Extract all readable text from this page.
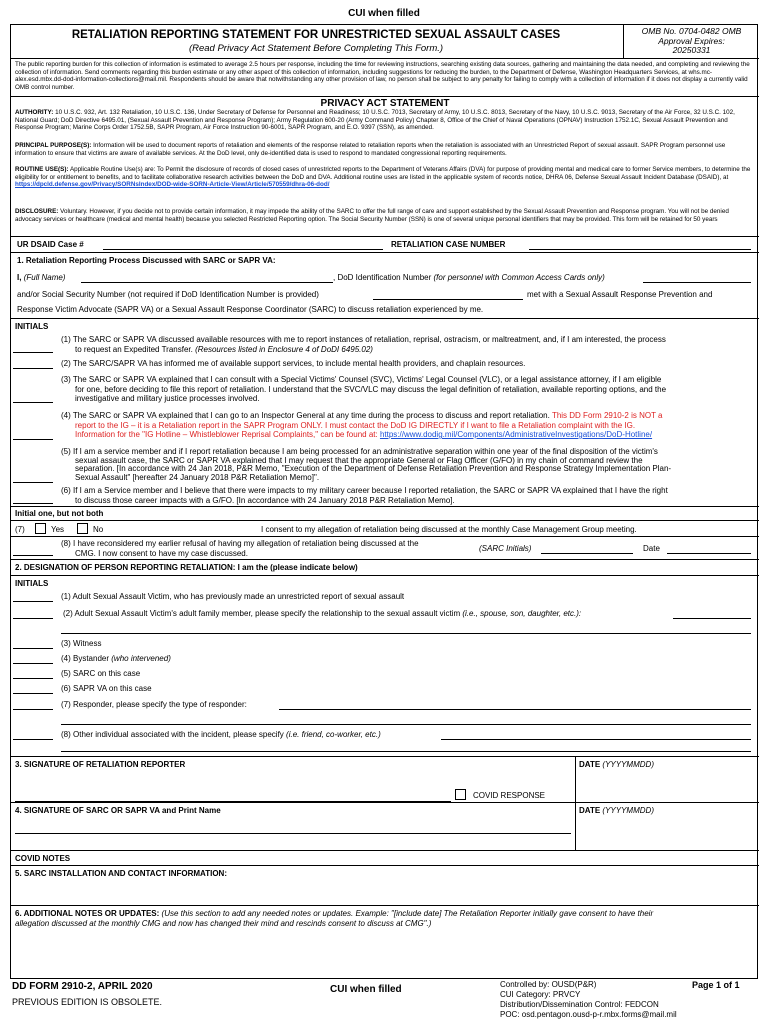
CUI when filled
RETALIATION REPORTING STATEMENT FOR UNRESTRICTED SEXUAL ASSAULT CASES
(Read Privacy Act Statement Before Completing This Form.)
OMB No. 0704-0482 OMB
Approval Expires:
20250331
The public reporting burden for this collection of information is estimated to average 2.5 hours per response, including the time for reviewing instructions, searching existing data sources, gathering and maintaining the data needed, and completing and reviewing the collection of information. Send comments regarding this burden estimate or any other aspect of this collection of information, including suggestions for reducing the burden, to the Department of Defense, Washington Headquarters Services, at whs.mc-alex.esd.mbx.dd-dod-information-collections@mail.mil. Respondents should be aware that notwithstanding any other provision of law, no person shall be subject to any penalty for failing to comply with a collection of information if it does not display a currently valid OMB control number.
PRIVACY ACT STATEMENT
AUTHORITY: 10 U.S.C. 932, Art. 132 Retaliation, 10 U.S.C. 136, Under Secretary of Defense for Personnel and Readiness; 10 U.S.C. 7013, Secretary of Army, 10 U.S.C. 8013, Secretary of the Navy, 10 U.S.C. 9013, Secretary of the Air Force, 32 U.S.C. 102, National Guard; DoD Directive 6495.01, (Sexual Assault Prevention and Response Program); Army Regulation 600-20 (Army Command Policy) Chapter 8, Office of the Chief of Naval Operations (OPNAV) Instruction 1752.1C, Sexual Assault Prevention and Response Program; Marine Corps Order 1752.5B, SAPR Program, Air Force Instruction 90-6001, SAPR Program, and E.O. 9397 (SSN), as amended.
PRINCIPAL PURPOSE(S): Information will be used to document reports of retaliation and elements of the response related to retaliation reports when the retaliation is associated with an Unrestricted Report of sexual assault. SAPR Program personnel use information to ensure that victims are aware of available services. At the DoD level, only de-identified data is used to respond to mandated congressional reporting requirements.
ROUTINE USE(S): Applicable Routine Use(s) are: To Permit the disclosure of records of closed cases of unrestricted reports to the Department of Veterans Affairs (DVA) for purpose of providing mental and medical care to former Service members, to determine the eligibility for or entitlement to benefits, and to facilitate collaborative research activities between the DoD and DVA. Additional routine uses are listed in the applicable system of records notice, DHRA 06, Defense Sexual Assault Incident Database (DSAID), at https://dpcld.defense.gov/Privacy/SORNsIndex/DOD-wide-SORN-Article-View/Article/570559/dhra-06-dod/
DISCLOSURE: Voluntary. However, if you decide not to provide certain information, it may impede the ability of the SARC to offer the full range of care and support established by the Sexual Assault Prevention and Response program. You will not be denied advocacy services or healthcare (medical and mental health) because you selected Restricted Reporting option. The Social Security Number (SSN) is one of several unique personal identifiers that may be provided. This form will be retained for 50 years
UR DSAID Case #	RETALIATION CASE NUMBER
1. Retaliation Reporting Process Discussed with SARC or SAPR VA:
I, (Full Name)	, DoD Identification Number (for personnel with Common Access Cards only)
and/or Social Security Number (not required if DoD Identification Number is provided)	met with a Sexual Assault Response Prevention and
Response Victim Advocate (SAPR VA) or a Sexual Assault Response Coordinator (SARC) to discuss retaliation experienced by me.
INITIALS
(1) The SARC or SAPR VA discussed available resources with me to report instances of retaliation, reprisal, ostracism, or maltreatment, and, if I am interested, the process
to request an Expedited Transfer. (Resources listed in Enclosure 4 of DoDI 6495.02)
(2) The SARC/SAPR VA has informed me of available support services, to include mental health providers, and chaplain resources.
(3) The SARC or SAPR VA explained that I can consult with a Special Victims' Counsel (SVC), Victims' Legal Counsel (VLC), or a legal assistance attorney, if I am eligible
for one, before deciding to file this report of retaliation. I understand that the SVC/VLC may discuss the legal definition of retaliation, available reporting options, and the
investigative and military justice processes involved.
(4) The SARC or SAPR VA explained that I can go to an Inspector General at any time during the process to discuss and report retaliation. This DD Form 2910-2 is NOT a
report to the IG – it is a Retaliation report in the SAPR Program ONLY. I must contact the DoD IG DIRECTLY if I want to file a Retaliation complaint with the IG.
Information for the "IG Hotline – Whistleblower Reprisal Complaints," can be found at: https://www.dodig.mil/Components/AdministrativeInvestigations/DoD-Hotline/
(5) If I am a service member and if I report retaliation because I am being processed for an administrative separation within one year of the final disposition of the victim's
sexual assault case, the SARC or SAPR VA explained that I may request that the appropriate General or Flag Officer (G/FO) in my chain of command review the
separation. [In accordance with 24 Jan 2018, P&R Memo, "Execution of the Department of Defense Retaliation Prevention and Response Strategy Implementation Plan-
Sexual Assault" [hereafter 24 January 2018 P&R Retaliation Memo]".
(6) If I am a Service member and I believe that there were impacts to my military career because I reported retaliation, the SARC or SAPR VA explained that I have the right
to discuss those career impacts with a G/FO. [In accordance with 24 January 2018 P&R Retaliation Memo].
Initial one, but not both
(7)	Yes	No	I consent to my allegation of retaliation being discussed at the monthly Case Management Group meeting.
(8) I have reconsidered my earlier refusal of having my allegation of retaliation being discussed at the
CMG. I now consent to have my case discussed.	(SARC Initials)	Date
2. DESIGNATION OF PERSON REPORTING RETALIATION: I am the (please indicate below)
INITIALS
(1) Adult Sexual Assault Victim, who has previously made an unrestricted report of sexual assault
(2) Adult Sexual Assault Victim's adult family member, please specify the relationship to the sexual assault victim (i.e., spouse, son, daughter, etc.):
(3) Witness
(4) Bystander (who intervened)
(5) SARC on this case
(6) SAPR VA on this case
(7) Responder, please specify the type of responder:
(8) Other individual associated with the incident, please specify (i.e. friend, co-worker, etc.)
3. SIGNATURE OF RETALIATION REPORTER	DATE (YYYYMMDD)
COVID RESPONSE
4. SIGNATURE OF SARC OR SAPR VA and Print Name	DATE (YYYYMMDD)
COVID NOTES
5. SARC INSTALLATION AND CONTACT INFORMATION:
6. ADDITIONAL NOTES OR UPDATES: (Use this section to add any needed notes or updates. Example: "[include date] The Retaliation Reporter initially gave consent to have their
allegation discussed at the monthly CMG and now has changed their mind and rescinds consent to discuss at CMG".)
DD FORM 2910-2, APRIL 2020
PREVIOUS EDITION IS OBSOLETE.
CUI when filled	Controlled by: OUSD(P&R)
CUI Category: PRVCY
Distribution/Dissemination Control: FEDCON
POC: osd.pentagon.ousd-p-r.mbx.forms@mail.mil
Page 1 of 1
